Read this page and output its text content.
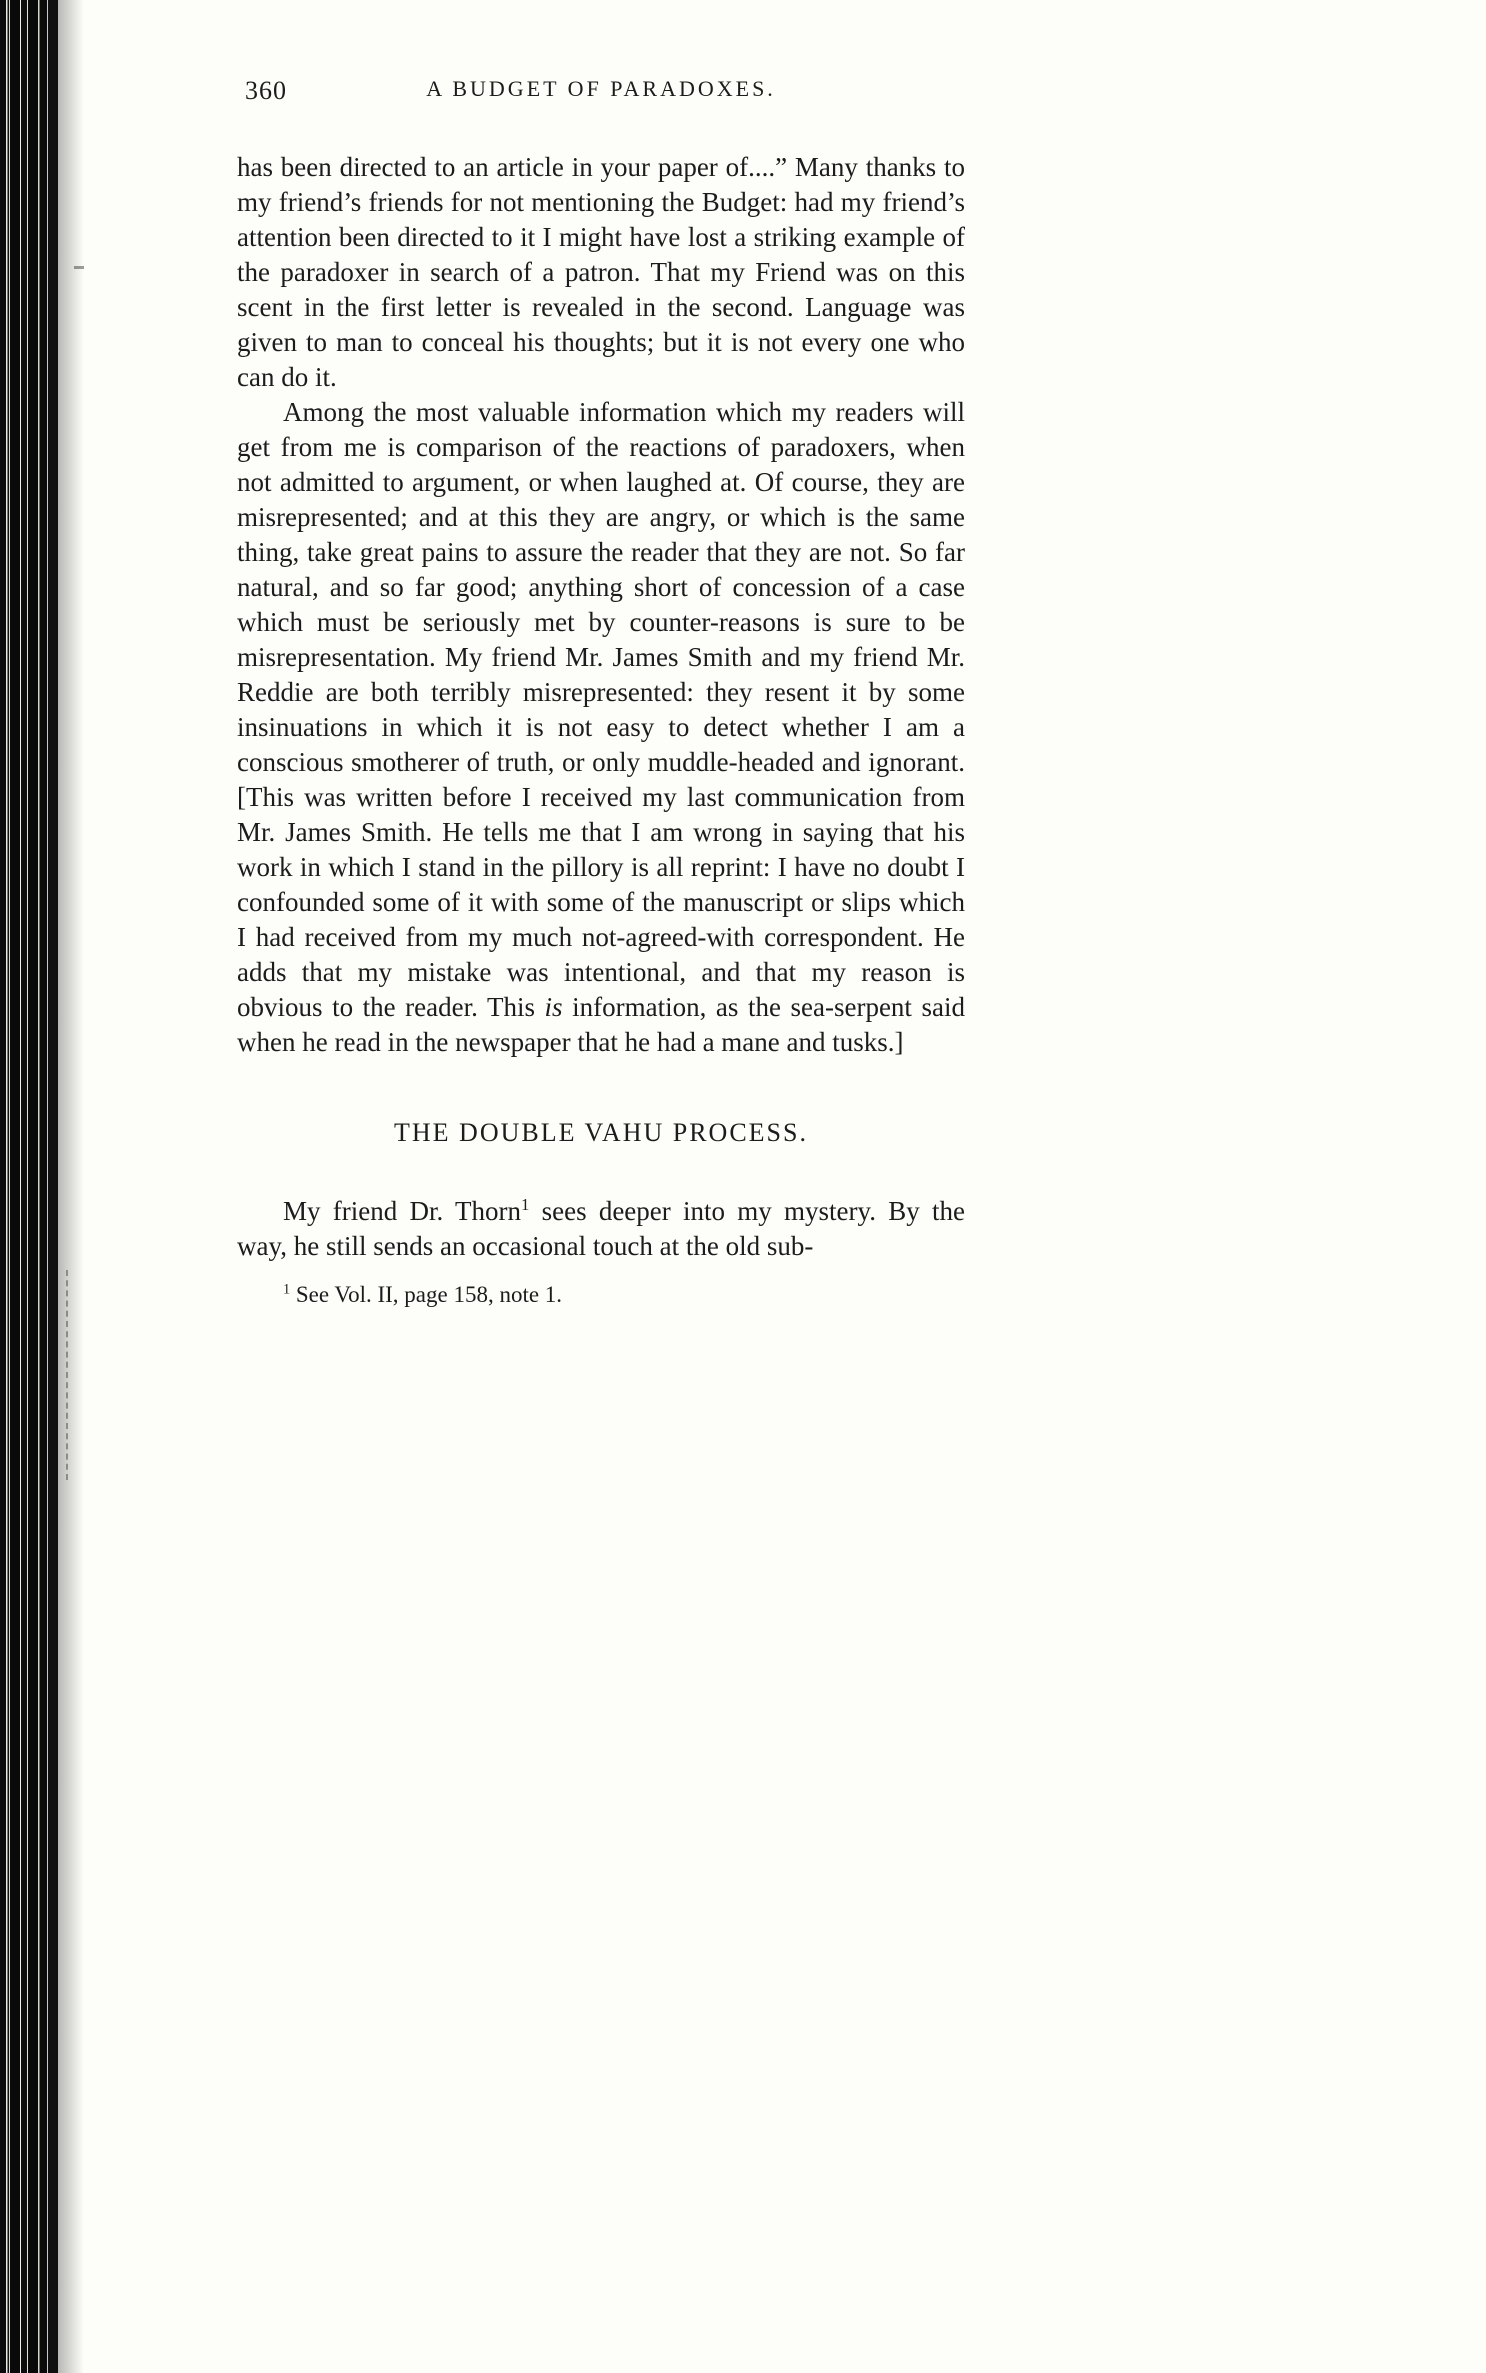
360	A BUDGET OF PARADOXES.

has been directed to an article in your paper of....” Many thanks to my friend’s friends for not mentioning the Budget: had my friend’s attention been directed to it I might have lost a striking example of the paradoxer in search of a patron. That my Friend was on this scent in the first letter is revealed in the second. Language was given to man to conceal his thoughts; but it is not every one who can do it.

Among the most valuable information which my readers will get from me is comparison of the reactions of paradoxers, when not admitted to argument, or when laughed at. Of course, they are misrepresented; and at this they are angry, or which is the same thing, take great pains to assure the reader that they are not. So far natural, and so far good; anything short of concession of a case which must be seriously met by counter-reasons is sure to be misrepresentation. My friend Mr. James Smith and my friend Mr. Reddie are both terribly misrepresented: they resent it by some insinuations in which it is not easy to detect whether I am a conscious smotherer of truth, or only muddle-headed and ignorant. [This was written before I received my last communication from Mr. James Smith. He tells me that I am wrong in saying that his work in which I stand in the pillory is all reprint: I have no doubt I confounded some of it with some of the manuscript or slips which I had received from my much not-agreed-with correspondent. He adds that my mistake was intentional, and that my reason is obvious to the reader. This is information, as the sea-serpent said when he read in the newspaper that he had a mane and tusks.]

THE DOUBLE VAHU PROCESS.

My friend Dr. Thorn$^1$ sees deeper into my mystery. By the way, he still sends an occasional touch at the old sub-

$^1$ See Vol. II, page 158, note 1.
